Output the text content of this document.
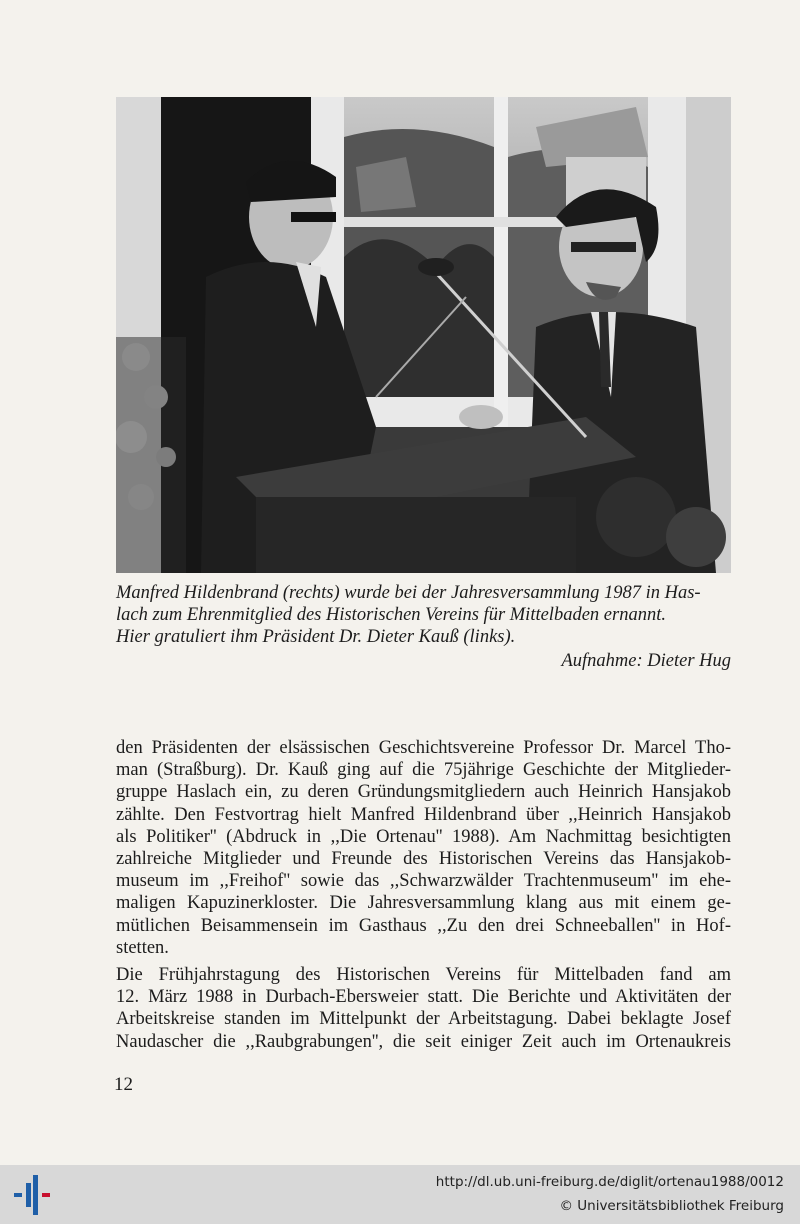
Manfred Hildenbrand (rechts) wurde bei der Jahresversammlung 1987 in Has-
lach zum Ehrenmitglied des Historischen Vereins für Mittelbaden ernannt.
Hier gratuliert ihm Präsident Dr. Dieter Kauß (links).
Aufnahme: Dieter Hug
den Präsidenten der elsässischen Geschichtsvereine Professor Dr. Marcel Tho-
man (Straßburg). Dr. Kauß ging auf die 75jährige Geschichte der Mitglieder-
gruppe Haslach ein, zu deren Gründungsmitgliedern auch Heinrich Hansjakob
zählte. Den Festvortrag hielt Manfred Hildenbrand über ,,Heinrich Hansjakob
als Politiker'' (Abdruck in ,,Die Ortenau'' 1988). Am Nachmittag besichtigten
zahlreiche Mitglieder und Freunde des Historischen Vereins das Hansjakob-
museum im ,,Freihof'' sowie das ,,Schwarzwälder Trachtenmuseum'' im ehe-
maligen Kapuzinerkloster. Die Jahresversammlung klang aus mit einem ge-
mütlichen Beisammensein im Gasthaus ,,Zu den drei Schneeballen'' in Hof-
stetten.
Die Frühjahrstagung des Historischen Vereins für Mittelbaden fand am
12. März 1988 in Durbach-Ebersweier statt. Die Berichte und Aktivitäten der
Arbeitskreise standen im Mittelpunkt der Arbeitstagung. Dabei beklagte Josef
Naudascher die ,,Raubgrabungen'', die seit einiger Zeit auch im Ortenaukreis
12
http://dl.ub.uni-freiburg.de/diglit/ortenau1988/0012
© Universitätsbibliothek Freiburg
